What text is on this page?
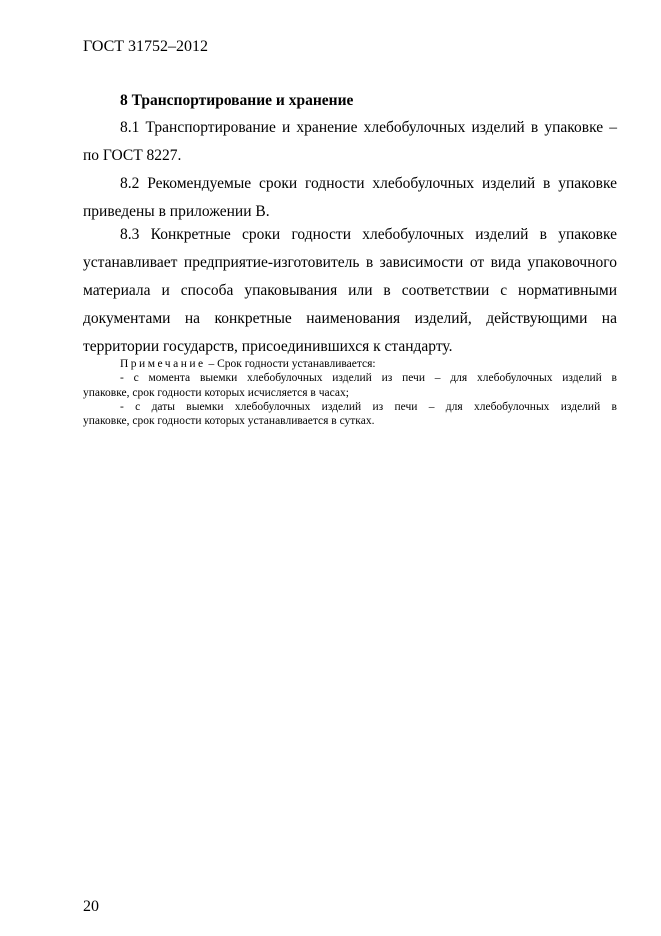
ГОСТ 31752–2012
8 Транспортирование и хранение
8.1 Транспортирование и хранение хлебобулочных изделий в упаковке –
по ГОСТ 8227.
8.2 Рекомендуемые сроки годности хлебобулочных изделий в упаковке
приведены в приложении В.
8.3 Конкретные сроки годности хлебобулочных изделий в упаковке
устанавливает предприятие-изготовитель в зависимости от вида упаковочного
материала и способа упаковывания или в соответствии с нормативными
документами на конкретные наименования изделий, действующими на
территории государств, присоединившихся к стандарту.
Примечание – Срок годности устанавливается:
- с момента выемки хлебобулочных изделий из печи – для хлебобулочных изделий в
упаковке, срок годности которых исчисляется в часах;
- с даты выемки хлебобулочных изделий из печи – для хлебобулочных изделий в
упаковке, срок годности которых устанавливается в сутках.
20
